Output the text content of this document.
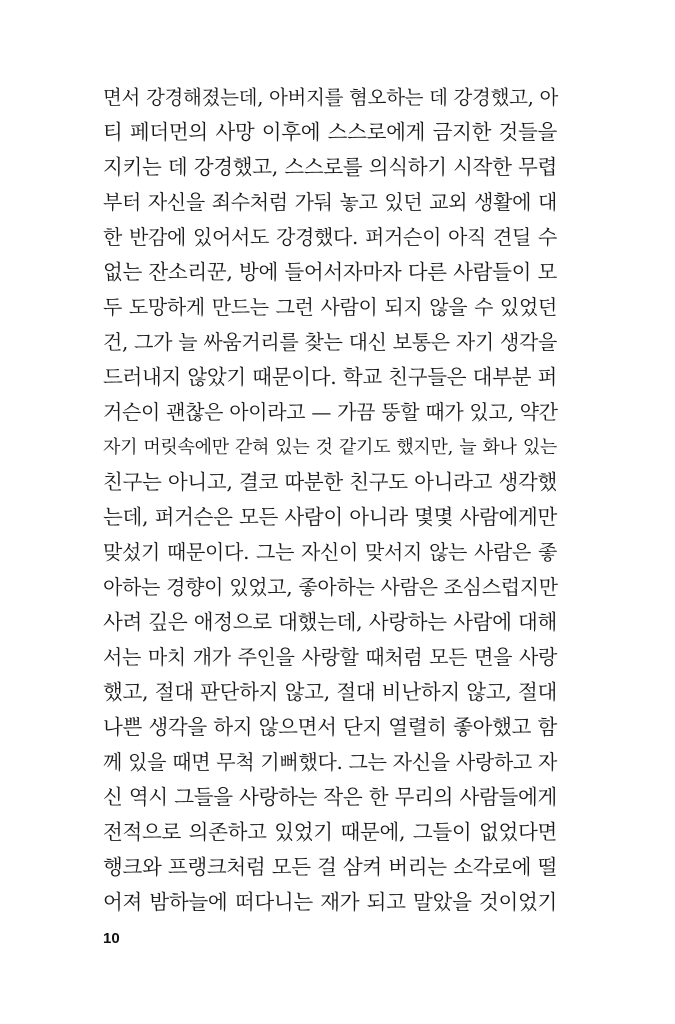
면서 강경해졌는데, 아버지를 혐오하는 데 강경했고, 아
티 페더먼의 사망 이후에 스스로에게 금지한 것들을
지키는 데 강경했고, 스스로를 의식하기 시작한 무렵
부터 자신을 죄수처럼 가둬 놓고 있던 교외 생활에 대
한 반감에 있어서도 강경했다. 퍼거슨이 아직 견딜 수
없는 잔소리꾼, 방에 들어서자마자 다른 사람들이 모
두 도망하게 만드는 그런 사람이 되지 않을 수 있었던
건, 그가 늘 싸움거리를 찾는 대신 보통은 자기 생각을
드러내지 않았기 때문이다. 학교 친구들은 대부분 퍼
거슨이 괜찮은 아이라고 — 가끔 뚱할 때가 있고, 약간
자기 머릿속에만 갇혀 있는 것 같기도 했지만, 늘 화나 있는
친구는 아니고, 결코 따분한 친구도 아니라고 생각했
는데, 퍼거슨은 모든 사람이 아니라 몇몇 사람에게만
맞섰기 때문이다. 그는 자신이 맞서지 않는 사람은 좋
아하는 경향이 있었고, 좋아하는 사람은 조심스럽지만
사려 깊은 애정으로 대했는데, 사랑하는 사람에 대해
서는 마치 개가 주인을 사랑할 때처럼 모든 면을 사랑
했고, 절대 판단하지 않고, 절대 비난하지 않고, 절대
나쁜 생각을 하지 않으면서 단지 열렬히 좋아했고 함
께 있을 때면 무척 기뻐했다. 그는 자신을 사랑하고 자
신 역시 그들을 사랑하는 작은 한 무리의 사람들에게
전적으로 의존하고 있었기 때문에, 그들이 없었다면
행크와 프랭크처럼 모든 걸 삼켜 버리는 소각로에 떨
어져 밤하늘에 떠다니는 재가 되고 말았을 것이었기
10
